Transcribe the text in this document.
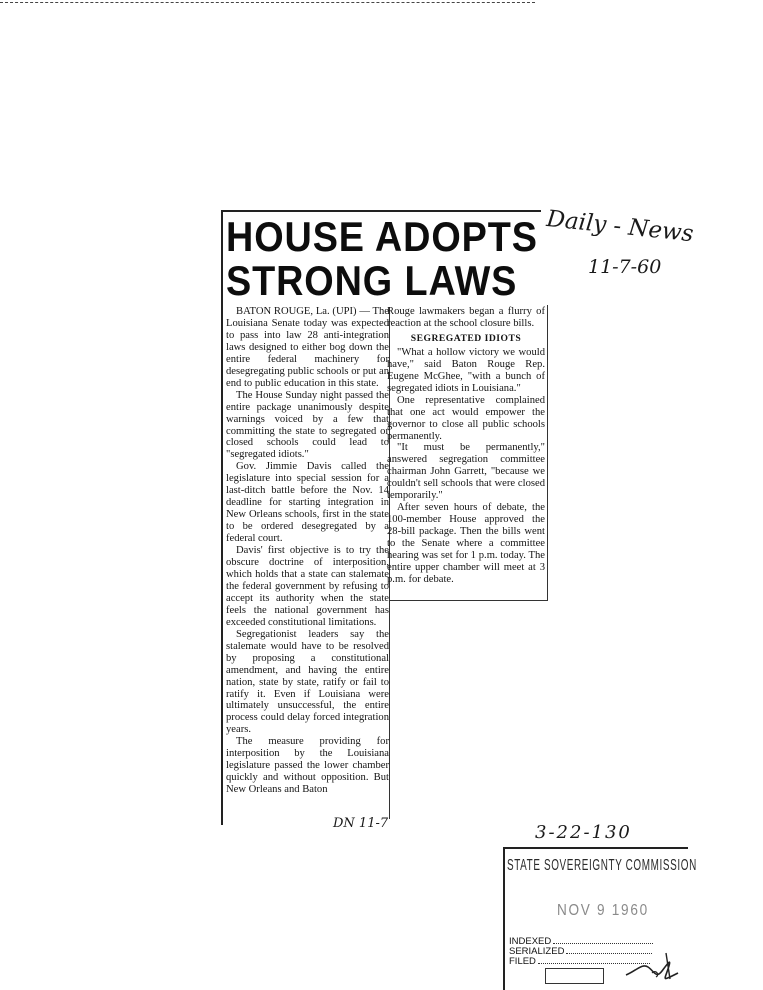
HOUSE ADOPTS
STRONG LAWS

BATON ROUGE, La. (UPI) — The Louisiana Senate today was expected to pass into law 28 anti-integration laws designed to either bog down the entire federal machinery for desegregating public schools or put an end to public education in this state.

The House Sunday night passed the entire package unanimously despite warnings voiced by a few that committing the state to segregated or closed schools could lead to "segregated idiots."

Gov. Jimmie Davis called the legislature into special session for a last-ditch battle before the Nov. 14 deadline for starting integration in New Orleans schools, first in the state to be ordered desegregated by a federal court.

Davis' first objective is to try the obscure doctrine of interposition, which holds that a state can stalemate the federal government by refusing to accept its authority when the state feels the national government has exceeded constitutional limitations.

Segregationist leaders say the stalemate would have to be resolved by proposing a constitutional amendment, and having the entire nation, state by state, ratify or fail to ratify it. Even if Louisiana were ultimately unsuccessful, the entire process could delay forced integration years.

The measure providing for interposition by the Louisiana legislature passed the lower chamber quickly and without opposition. But New Orleans and Baton

Rouge lawmakers began a flurry of reaction at the school closure bills.

SEGREGATED IDIOTS

"What a hollow victory we would have," said Baton Rouge Rep. Eugene McGhee, "with a bunch of segregated idiots in Louisiana."

One representative complained that one act would empower the governor to close all public schools permanently.

"It must be permanently," answered segregation committee chairman John Garrett, "because we couldn't sell schools that were closed temporarily."

After seven hours of debate, the 100-member House approved the 28-bill package. Then the bills went to the Senate where a committee hearing was set for 1 p.m. today. The entire upper chamber will meet at 3 p.m. for debate.

Daily - News
11-7-60
DN 11-7	3-22-130
STATE SOVEREIGNTY COMMISSION
NOV 9 1960
INDEXED
SERIALIZED
FILED
